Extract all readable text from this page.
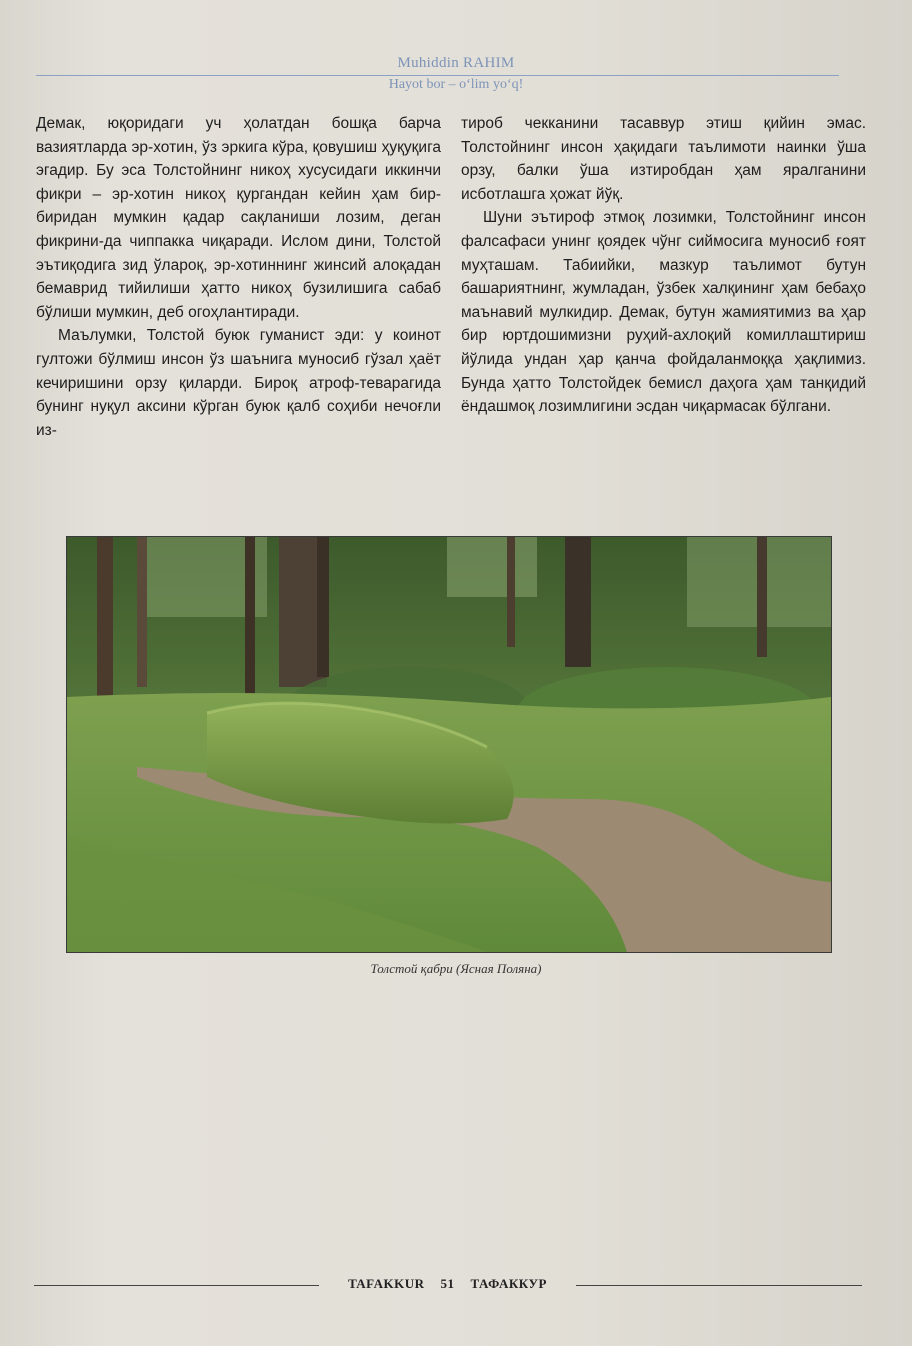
Muhiddin RAHIM
Hayot bor – o‘lim yo‘q!

Демак, юқоридаги уч ҳолатдан бошқа барча вазиятларда эр-хотин, ўз эркига кўра, қовушиш ҳуқуқига эгадир. Бу эса Толстойнинг никоҳ хусусидаги иккинчи фикри – эр-хотин никоҳ қургандан кейин ҳам бир-биридан мумкин қадар сақланиши лозим, деган фикрини-да чиппакка чиқаради. Ислом дини, Толстой эътиқодига зид ўлароқ, эр-хотиннинг жинсий алоқадан бемаврид тийилиши ҳатто никоҳ бузилишига сабаб бўлиши мумкин, деб огоҳлантиради.

Маълумки, Толстой буюк гуманист эди: у коинот гултожи бўлмиш инсон ўз шаънига муносиб гўзал ҳаёт кечиришини орзу қиларди. Бироқ атроф-теварагида бунинг нуқул аксини кўрган буюк қалб соҳиби нечоғли из-

тироб чекканини тасаввур этиш қийин эмас. Толстойнинг инсон ҳақидаги таълимоти наинки ўша орзу, балки ўша изтиробдан ҳам яралганини исботлашга ҳожат йўқ.

Шуни эътироф этмоқ лозимки, Толстойнинг инсон фалсафаси унинг қоядек чўнг сиймосига муносиб ғоят муҳташам. Табиийки, мазкур таълимот бутун башариятнинг, жумладан, ўзбек халқининг ҳам бебаҳо маънавий мулкидир. Демак, бутун жамиятимиз ва ҳар бир юртдошимизни руҳий-ахлоқий комиллаштириш йўлида ундан ҳар қанча фойдаланмоққа ҳақлимиз. Бунда ҳатто Толстойдек бемисл даҳога ҳам танқидий ёндашмоқ лозимлигини эсдан чиқармасак бўлгани.

Толстой қабри (Ясная Поляна)
TAFAKKUR 51 ТАФАККУР
